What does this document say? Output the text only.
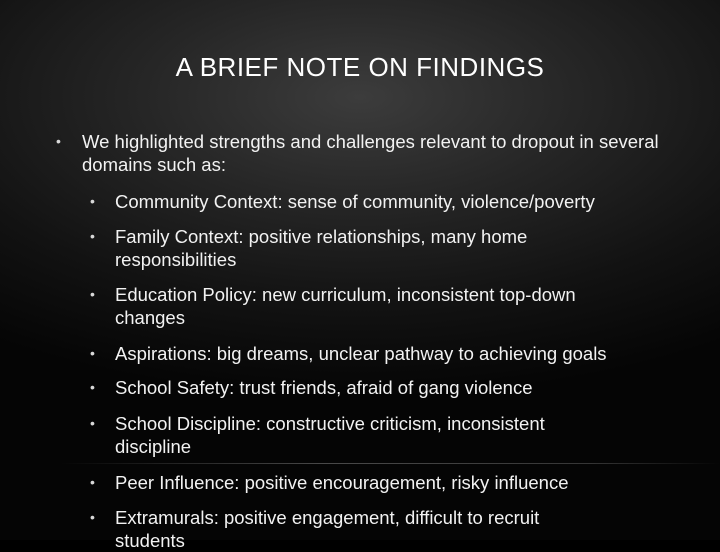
A BRIEF NOTE ON FINDINGS
• We highlighted strengths and challenges relevant to dropout in several domains such as:

• Community Context: sense of community, violence/poverty

• Family Context: positive relationships, many home responsibilities

• Education Policy: new curriculum, inconsistent top-down changes

• Aspirations: big dreams, unclear pathway to achieving goals

• School Safety: trust friends, afraid of gang violence

• School Discipline: constructive criticism, inconsistent discipline

• Peer Influence: positive encouragement, risky influence

• Extramurals: positive engagement, difficult to recruit students
